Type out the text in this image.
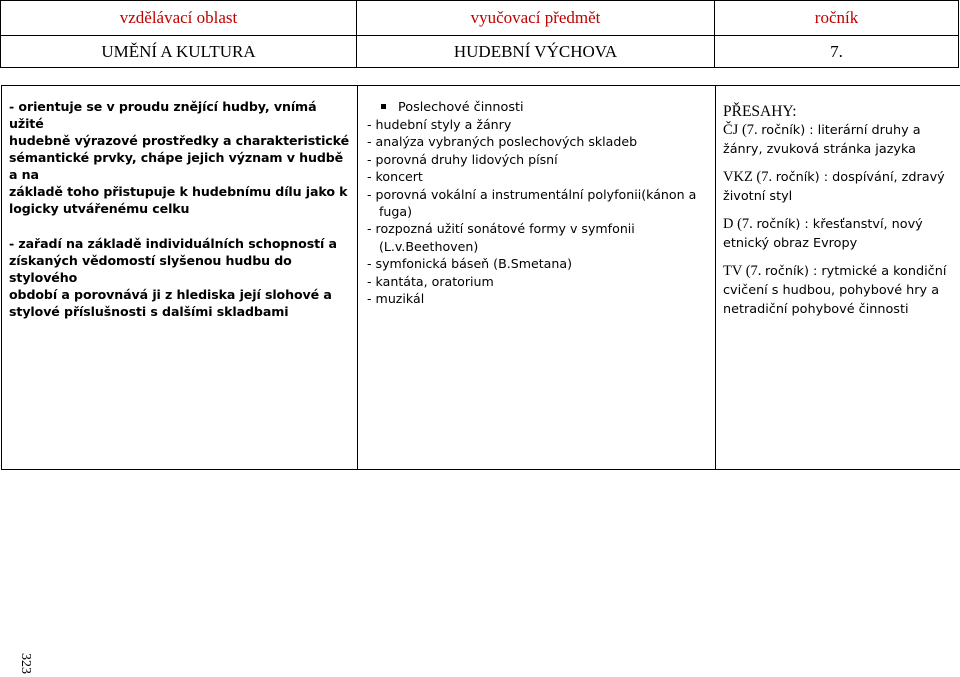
vzdělávací oblast	vyučovací předmět	ročník
UMĚNÍ A KULTURA	HUDEBNÍ VÝCHOVA	7.
- orientuje se v proudu znějící hudby, vnímá užité
hudebně výrazové prostředky a charakteristické
sémantické prvky, chápe jejich význam v hudbě a na
základě toho přistupuje k hudebnímu dílu jako k
logicky utvářenému celku
- zařadí na základě individuálních schopností a
získaných vědomostí slyšenou hudbu do stylového
období a porovnává ji z hlediska její slohové a
stylové příslušnosti s dalšími skladbami

Poslechové činnosti
- hudební styly a žánry
- analýza vybraných poslechových skladeb
- porovná druhy lidových písní
- koncert
- porovná vokální a instrumentální polyfonii(kánon a
fuga)
- rozpozná užití sonátové formy v symfonii
(L.v.Beethoven)
- symfonická báseň (B.Smetana)
- kantáta, oratorium
- muzikál

PŘESAHY:
ČJ (7. ročník) : literární druhy a
žánry, zvuková stránka jazyka
VKZ (7. ročník) : dospívání, zdravý
životní styl
D (7. ročník) : křesťanství, nový
etnický obraz Evropy
TV (7. ročník) : rytmické a kondiční
cvičení s hudbou, pohybové hry a
netradiční pohybové činnosti
323
